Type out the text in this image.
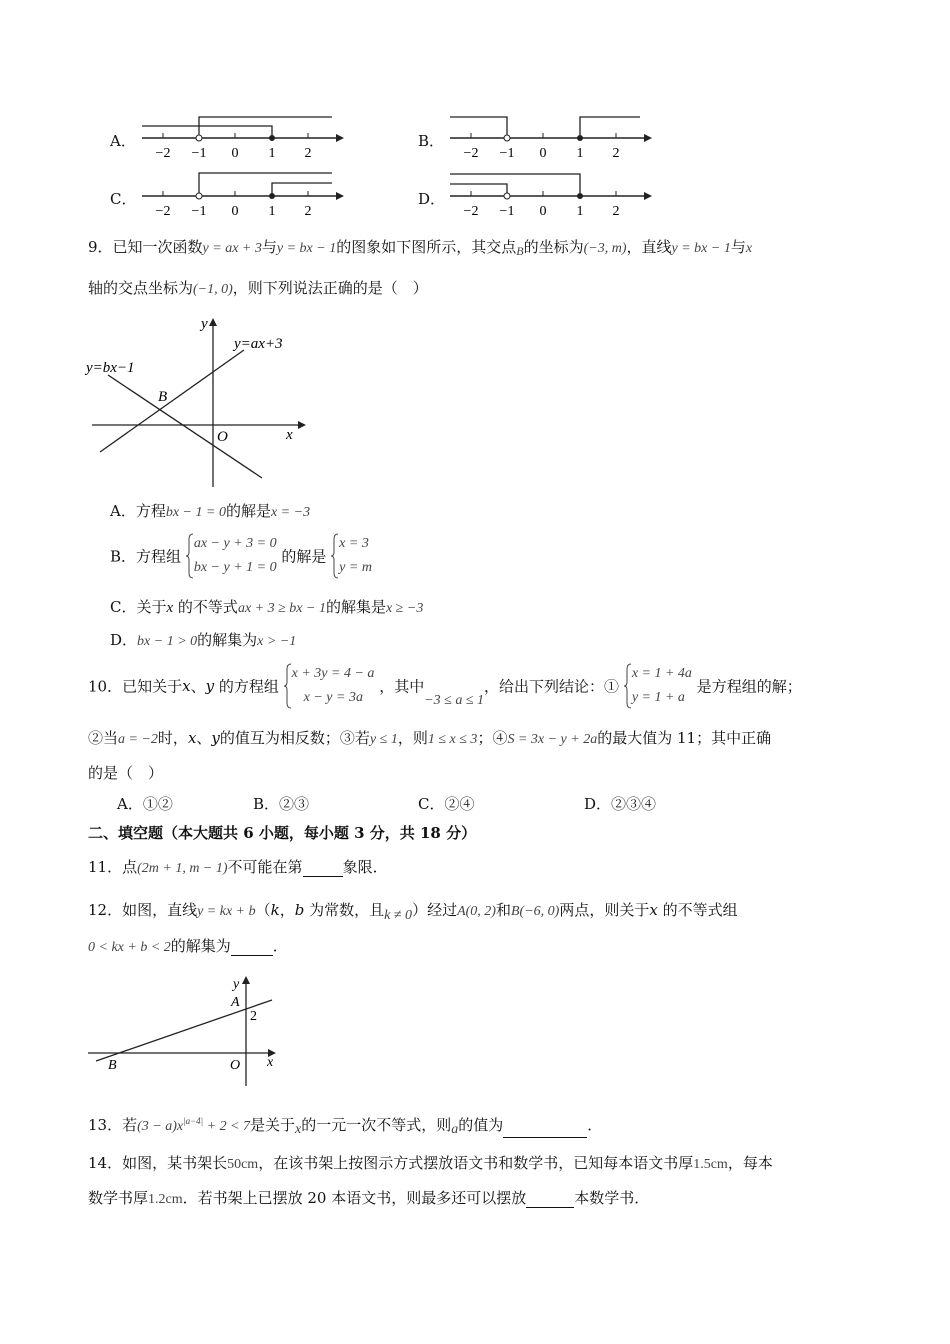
A．
−2 −1 0 1 2
B．
−2 −1 0 1 2
C．
−2 −1 0 1 2
D．
−2 −1 0 1 2
9．已知一次函数y = ax + 3与y = bx − 1的图象如下图所示，其交点$_B$的坐标为(−3, m)，直线y = bx − 1与x
轴的交点坐标为(−1, 0)，则下列说法正确的是（　）
y
x
O
B
y=ax+3
y=bx−1
A．方程bx − 1 = 0的解是x = −3
B．方程组
ax − y + 3 = 0
bx − y + 1 = 0
的解是
x = 3
y = m
C．关于x 的不等式ax + 3 ≥ bx − 1的解集是x ≥ −3
D．bx − 1 > 0的解集为x > −1
10．已知关于x、y 的方程组
x + 3y = 4 − a
x − y = 3a
，其中−3 ≤ a ≤ 1，给出下列结论：①
x = 1 + 4a
y = 1 + a
是方程组的解；
②当a = −2时，x、y的值互为相反数；③若y ≤ 1，则1 ≤ x ≤ 3；④S = 3x − y + 2a的最大值为 11；其中正确
的是（　）
A．①②	B．②③	C．②④	D．②③④
二、填空题（本大题共 6 小题，每小题 3 分，共 18 分）
11．点(2m + 1, m − 1)不可能在第	象限．
12．如图，直线y = kx + b（k，b 为常数，且k ≠ 0）经过A(0, 2)和B(−6, 0)两点，则关于x 的不等式组
0 < kx + b < 2的解集为	．
y
x
O
A
B
2
13．若$(3 - a)x^{|a-4|} + 2 < 7$是关于x的一元一次不等式，则a的值为	．
14．如图，某书架长50cm，在该书架上按图示方式摆放语文书和数学书，已知每本语文书厚1.5cm，每本
数学书厚1.2cm．若书架上已摆放 20 本语文书，则最多还可以摆放	本数学书．
